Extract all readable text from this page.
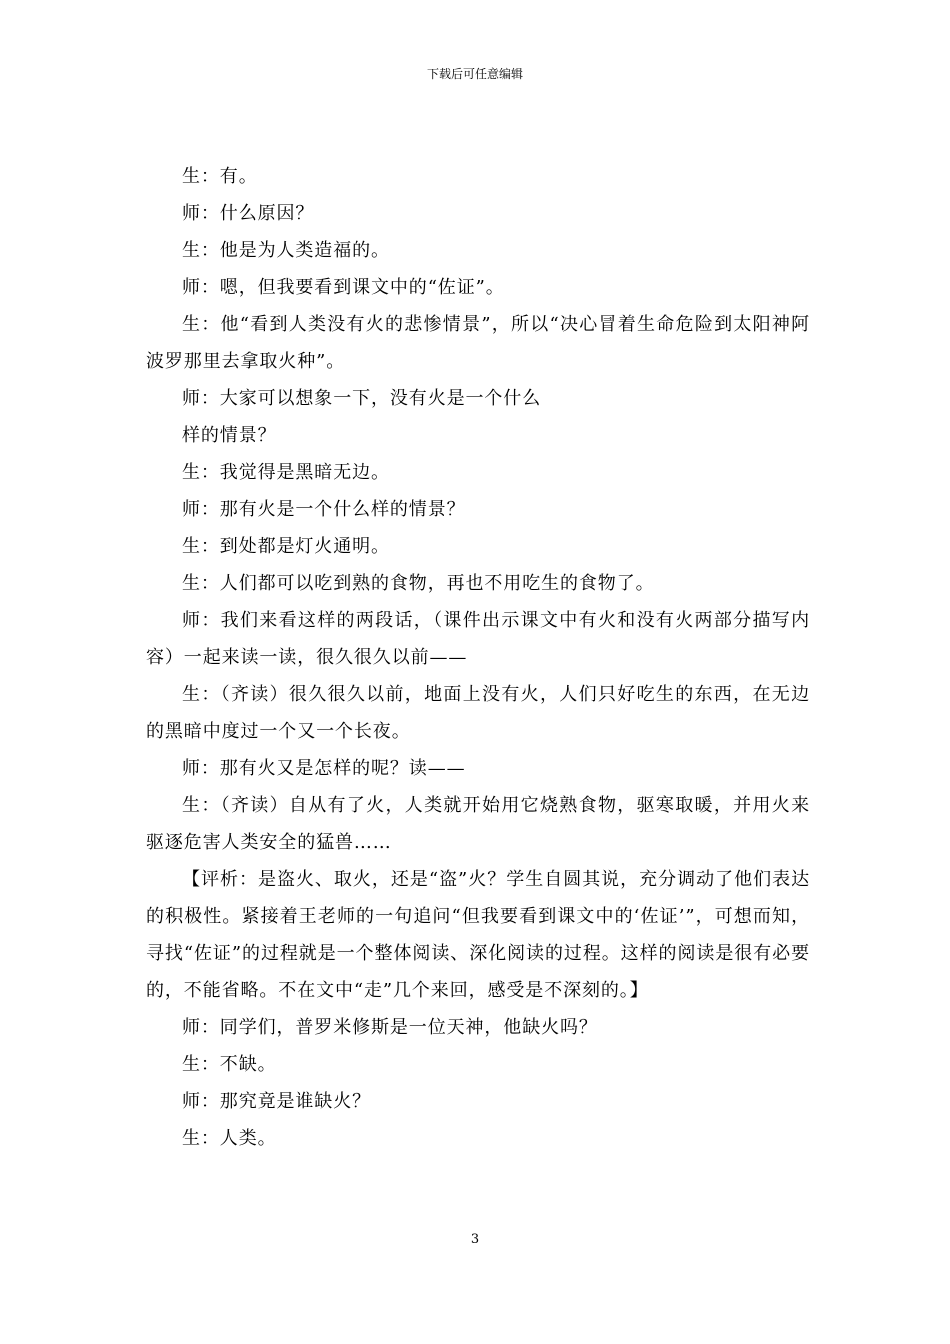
下载后可任意编辑

生：有。

师：什么原因？

生：他是为人类造福的。

师：嗯，但我要看到课文中的“佐证”。

生：他“看到人类没有火的悲惨情景”，所以“决心冒着生命危险到太阳神阿波罗那里去拿取火种”。

师：大家可以想象一下，没有火是一个什么

样的情景？

生：我觉得是黑暗无边。

师：那有火是一个什么样的情景？

生：到处都是灯火通明。

生：人们都可以吃到熟的食物，再也不用吃生的食物了。

师：我们来看这样的两段话，（课件出示课文中有火和没有火两部分描写内容）一起来读一读，很久很久以前——

生：（齐读）很久很久以前，地面上没有火，人们只好吃生的东西，在无边的黑暗中度过一个又一个长夜。

师：那有火又是怎样的呢？读——

生：（齐读）自从有了火，人类就开始用它烧熟食物，驱寒取暖，并用火来驱逐危害人类安全的猛兽……

【评析：是盗火、取火，还是“盗”火？学生自圆其说，充分调动了他们表达的积极性。紧接着王老师的一句追问“但我要看到课文中的‘佐证’”，可想而知，寻找“佐证”的过程就是一个整体阅读、深化阅读的过程。这样的阅读是很有必要的，不能省略。不在文中“走”几个来回，感受是不深刻的。】

师：同学们，普罗米修斯是一位天神，他缺火吗？

生：不缺。

师：那究竟是谁缺火？

生：人类。

3
